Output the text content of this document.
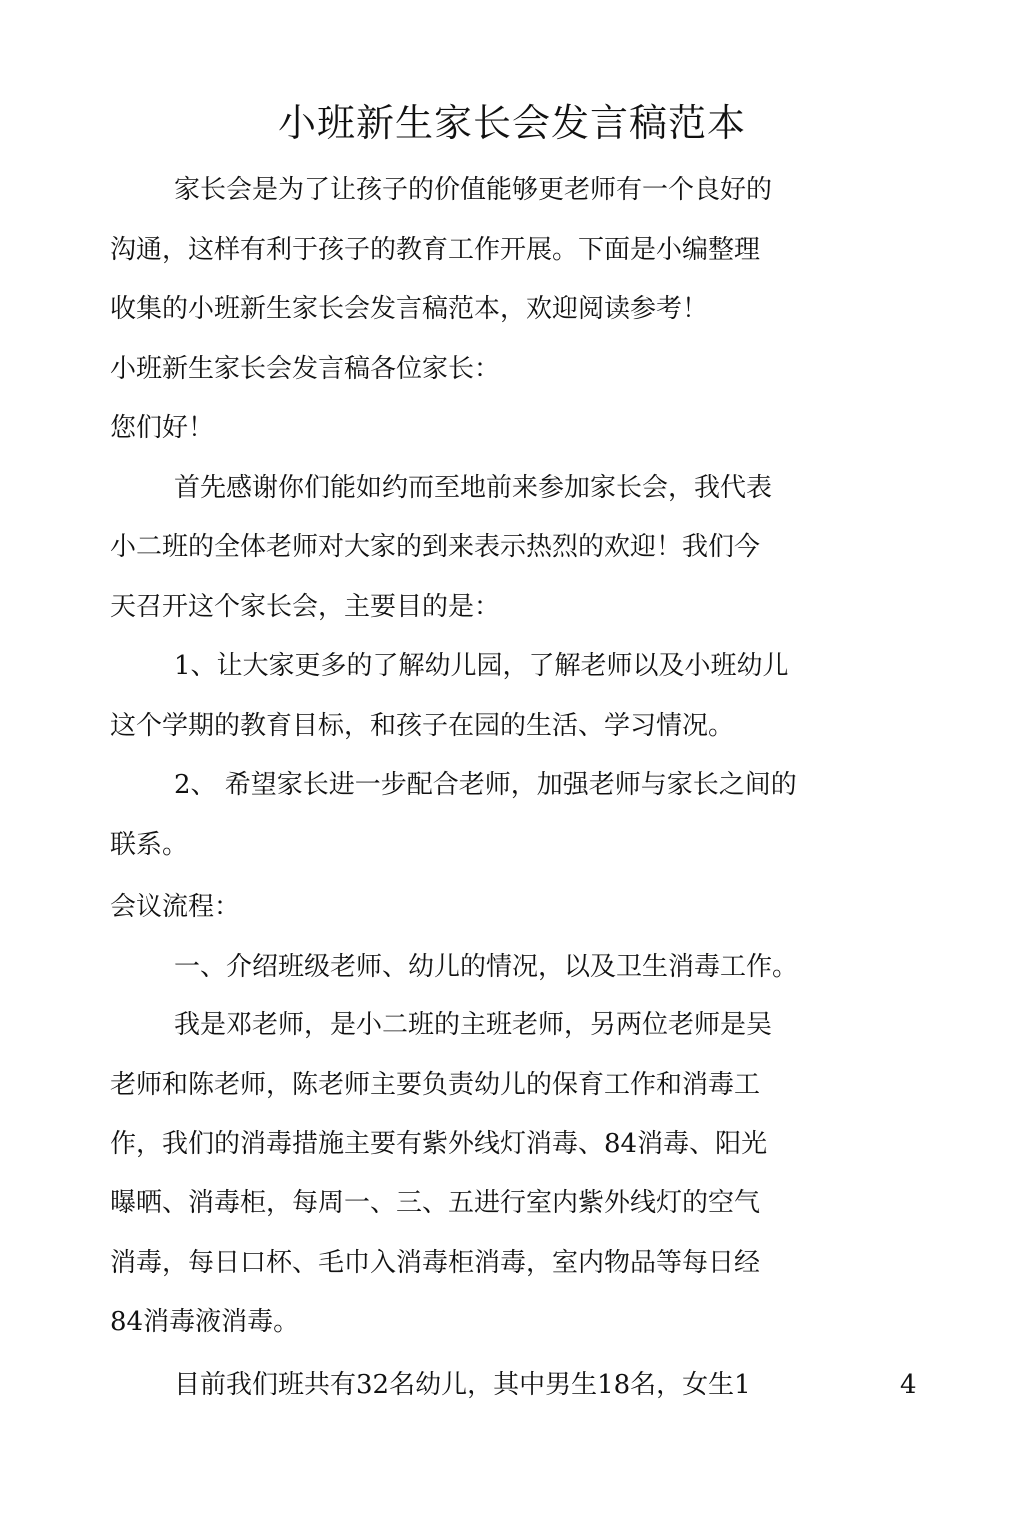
小班新生家长会发言稿范本
家长会是为了让孩子的价值能够更老师有一个良好的
沟通，这样有利于孩子的教育工作开展。下面是小编整理
收集的小班新生家长会发言稿范本，欢迎阅读参考！
小班新生家长会发言稿各位家长：
您们好！
首先感谢你们能如约而至地前来参加家长会，我代表
小二班的全体老师对大家的到来表示热烈的欢迎！我们今
天召开这个家长会，主要目的是：
1、让大家更多的了解幼儿园，了解老师以及小班幼儿
这个学期的教育目标，和孩子在园的生活、学习情况。
2、 希望家长进一步配合老师，加强老师与家长之间的
联系。
会议流程：
一、介绍班级老师、幼儿的情况，以及卫生消毒工作。
我是邓老师，是小二班的主班老师，另两位老师是吴
老师和陈老师，陈老师主要负责幼儿的保育工作和消毒工
作，我们的消毒措施主要有紫外线灯消毒、84消毒、阳光
曝晒、消毒柜，每周一、三、五进行室内紫外线灯的空气
消毒，每日口杯、毛巾入消毒柜消毒，室内物品等每日经
84消毒液消毒。
目前我们班共有32名幼儿，其中男生18名，女生1	4
